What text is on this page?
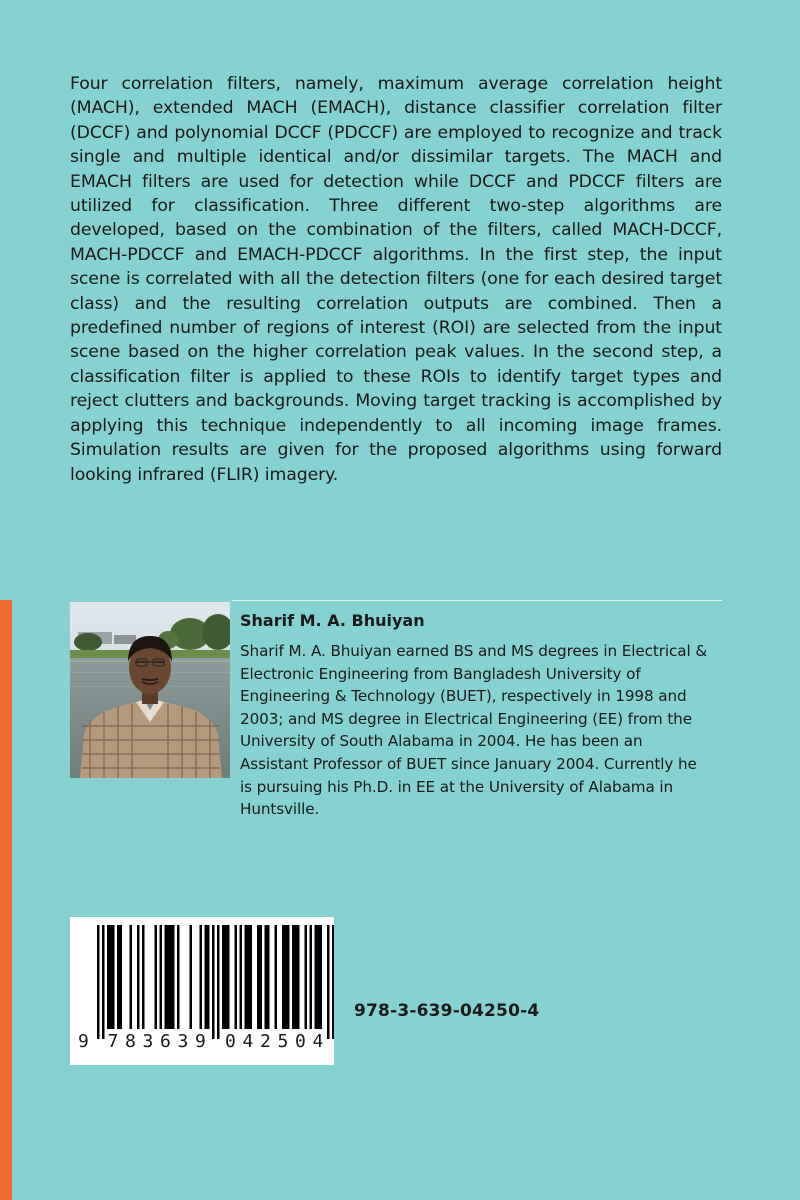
Four correlation filters, namely, maximum average correlation height (MACH), extended MACH (EMACH), distance classifier correlation filter (DCCF) and polynomial DCCF (PDCCF) are employed to recognize and track single and multiple identical and/or dissimilar targets. The MACH and EMACH filters are used for detection while DCCF and PDCCF filters are utilized for classification. Three different two-step algorithms are developed, based on the combination of the filters, called MACH-DCCF, MACH-PDCCF and EMACH-PDCCF algorithms. In the first step, the input scene is correlated with all the detection filters (one for each desired target class) and the resulting correlation outputs are combined. Then a predefined number of regions of interest (ROI) are selected from the input scene based on the higher correlation peak values. In the second step, a classification filter is applied to these ROIs to identify target types and reject clutters and backgrounds. Moving target tracking is accomplished by applying this technique independently to all incoming image frames. Simulation results are given for the proposed algorithms using forward looking infrared (FLIR) imagery.

Sharif M. A. Bhuiyan

Sharif M. A. Bhuiyan earned BS and MS degrees in Electrical & Electronic Engineering from Bangladesh University of Engineering & Technology (BUET), respectively in 1998 and 2003; and MS degree in Electrical Engineering (EE) from the University of South Alabama in 2004. He has been an Assistant Professor of BUET since January 2004. Currently he is pursuing his Ph.D. in EE at the University of Alabama in Huntsville.

9 7 8 3 6 3 9 0 4 2 5 0 4

978-3-639-04250-4
